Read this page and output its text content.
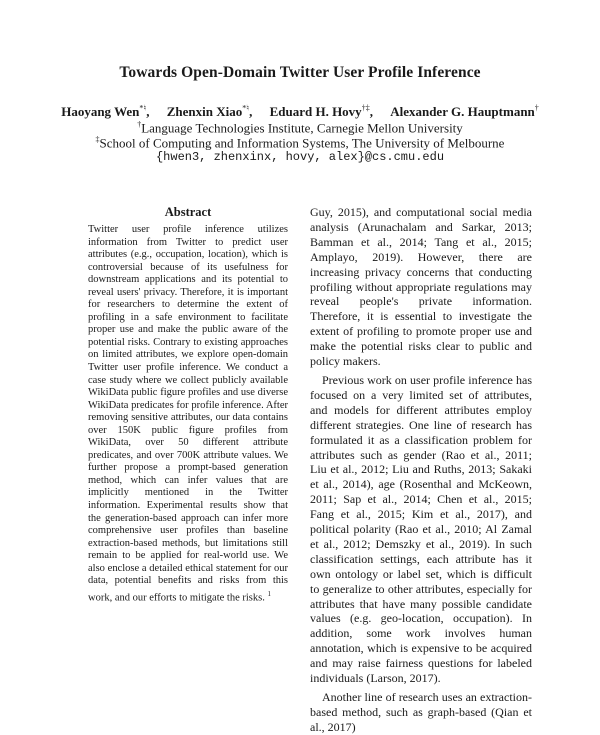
Towards Open-Domain Twitter User Profile Inference
Haoyang Wen*♮, Zhenxin Xiao*♮, Eduard H. Hovy†‡, Alexander G. Hauptmann†
†Language Technologies Institute, Carnegie Mellon University
‡School of Computing and Information Systems, The University of Melbourne
{hwen3, zhenxinx, hovy, alex}@cs.cmu.edu
Abstract

Twitter user profile inference utilizes information from Twitter to predict user attributes (e.g., occupation, location), which is controversial because of its usefulness for downstream applications and its potential to reveal users' privacy. Therefore, it is important for researchers to determine the extent of profiling in a safe environment to facilitate proper use and make the public aware of the potential risks. Contrary to existing approaches on limited attributes, we explore open-domain Twitter user profile inference. We conduct a case study where we collect publicly available WikiData public figure profiles and use diverse WikiData predicates for profile inference. After removing sensitive attributes, our data contains over 150K public figure profiles from WikiData, over 50 different attribute predicates, and over 700K attribute values. We further propose a prompt-based generation method, which can infer values that are implicitly mentioned in the Twitter information. Experimental results show that the generation-based approach can infer more comprehensive user profiles than baseline extraction-based methods, but limitations still remain to be applied for real-world use. We also enclose a detailed ethical statement for our data, potential benefits and risks from this work, and our efforts to mitigate the risks. $^1$

Guy, 2015), and computational social media analysis (Arunachalam and Sarkar, 2013; Bamman et al., 2014; Tang et al., 2015; Amplayo, 2019). However, there are increasing privacy concerns that conducting profiling without appropriate regulations may reveal people's private information. Therefore, it is essential to investigate the extent of profiling to promote proper use and make the potential risks clear to public and policy makers.

Previous work on user profile inference has focused on a very limited set of attributes, and models for different attributes employ different strategies. One line of research has formulated it as a classification problem for attributes such as gender (Rao et al., 2011; Liu et al., 2012; Liu and Ruths, 2013; Sakaki et al., 2014), age (Rosenthal and McKeown, 2011; Sap et al., 2014; Chen et al., 2015; Fang et al., 2015; Kim et al., 2017), and political polarity (Rao et al., 2010; Al Zamal et al., 2012; Demszky et al., 2019). In such classification settings, each attribute has it own ontology or label set, which is difficult to generalize to other attributes, especially for attributes that have many possible candidate values (e.g. geo-location, occupation). In addition, some work involves human annotation, which is expensive to be acquired and may raise fairness questions for labeled individuals (Larson, 2017).

Another line of research uses an extraction-based method, such as graph-based (Qian et al., 2017)
